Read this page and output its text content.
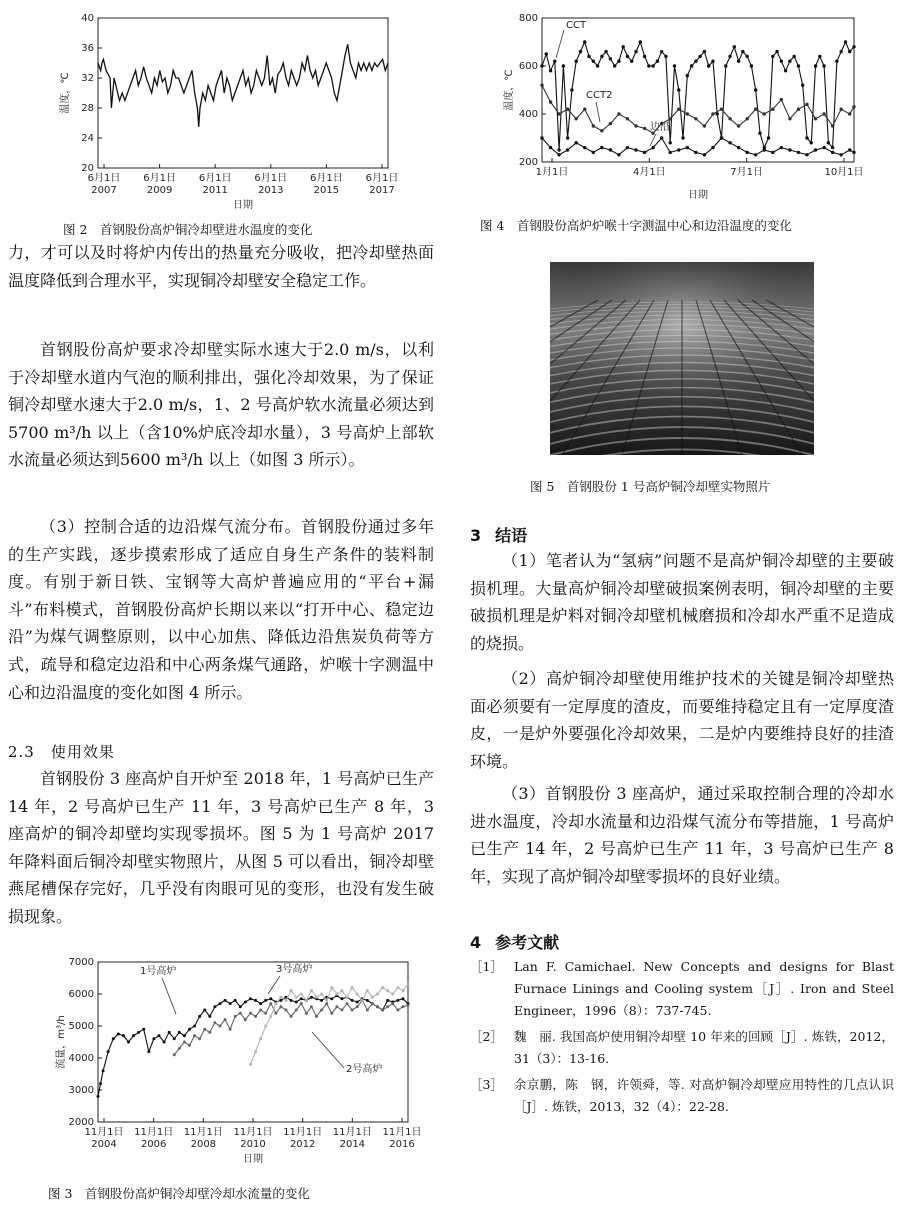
20
24
28
32
36
40
6月1日
2007
6月1日
2009
6月1日
2011
6月1日
2013
6月1日
2015
6月1日
2017
日期
温度，℃
图 2　首钢股份高炉铜冷却壁进水温度的变化
力，才可以及时将炉内传出的热量充分吸收，把冷却壁热面温度降低到合理水平，实现铜冷却壁安全稳定工作。
首钢股份高炉要求冷却壁实际水速大于2.0 m/s，以利于冷却壁水道内气泡的顺利排出，强化冷却效果，为了保证铜冷却壁水速大于2.0 m/s，1、2 号高炉软水流量必须达到5700 m³/h 以上（含10%炉底冷却水量），3 号高炉上部软水流量必须达到5600 m³/h 以上（如图 3 所示）。
（3）控制合适的边沿煤气流分布。首钢股份通过多年的生产实践，逐步摸索形成了适应自身生产条件的装料制度。有别于新日铁、宝钢等大高炉普遍应用的“平台+漏斗”布料模式，首钢股份高炉长期以来以“打开中心、稳定边沿”为煤气调整原则，以中心加焦、降低边沿焦炭负荷等方式，疏导和稳定边沿和中心两条煤气通路，炉喉十字测温中心和边沿温度的变化如图 4 所示。
2.3　使用效果
首钢股份 3 座高炉自开炉至 2018 年，1 号高炉已生产 14 年，2 号高炉已生产 11 年，3 号高炉已生产 8 年，3 座高炉的铜冷却壁均实现零损坏。图 5 为 1 号高炉 2017 年降料面后铜冷却壁实物照片，从图 5 可以看出，铜冷却壁燕尾槽保存完好，几乎没有肉眼可见的变形，也没有发生破损现象。
2000
3000
4000
5000
6000
7000
11月1日
2004
11月1日
2006
11月1日
2008
11月1日
2010
11月1日
2012
11月1日
2014
11月1日
2016
日期
流量，m³/h
1号高炉
2号高炉
3号高炉
图 3　首钢股份高炉铜冷却壁冷却水流量的变化
200
400
600
800
1月1日	4月1日	7月1日	10月1日
日期
温度，℃
CCT
CCT2
边沿
图 4　首钢股份高炉炉喉十字测温中心和边沿温度的变化
图 5　首钢股份 1 号高炉铜冷却壁实物照片
3 结语
（1）笔者认为“氢病”问题不是高炉铜冷却壁的主要破损机理。大量高炉铜冷却壁破损案例表明，铜冷却壁的主要破损机理是炉料对铜冷却壁机械磨损和冷却水严重不足造成的烧损。
（2）高炉铜冷却壁使用维护技术的关键是铜冷却壁热面必须要有一定厚度的渣皮，而要维持稳定且有一定厚度渣皮，一是炉外要强化冷却效果，二是炉内要维持良好的挂渣环境。
（3）首钢股份 3 座高炉，通过采取控制合理的冷却水进水温度，冷却水流量和边沿煤气流分布等措施，1 号高炉已生产 14 年，2 号高炉已生产 11 年，3 号高炉已生产 8 年，实现了高炉铜冷却壁零损坏的良好业绩。
4 参考文献
［1］ Lan F. Camichael. New Concepts and designs for Blast Furnace Linings and Cooling system［J］. Iron and Steel Engineer，1996（8）：737-745.
［2］ 魏　丽. 我国高炉使用铜冷却壁 10 年来的回顾［J］. 炼铁，2012，31（3）：13-16.
［3］ 余京鹏，陈　钢，许领舜，等. 对高炉铜冷却壁应用特性的几点认识［J］. 炼铁，2013，32（4）：22-28.
